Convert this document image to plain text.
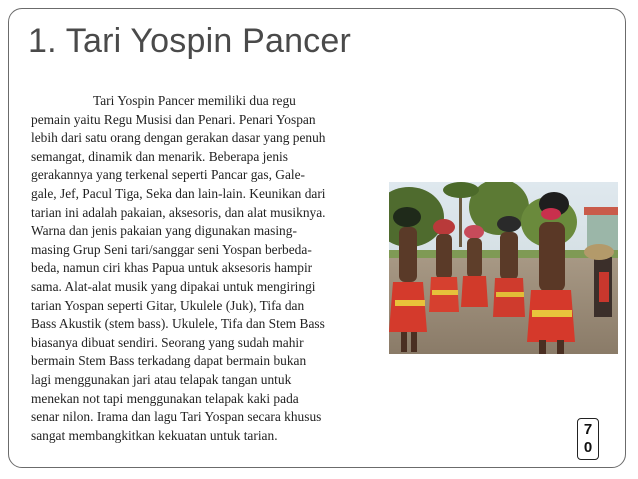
1. Tari Yospin Pancer
Tari Yospin Pancer memiliki dua regu
pemain yaitu Regu Musisi dan Penari. Penari Yospan
lebih dari satu orang dengan gerakan dasar yang penuh
semangat, dinamik dan menarik. Beberapa jenis
gerakannya yang terkenal seperti Pancar gas, Gale-
gale, Jef, Pacul Tiga, Seka dan lain-lain. Keunikan dari
tarian ini adalah pakaian, aksesoris, dan alat musiknya.
Warna dan jenis pakaian yang digunakan masing-
masing Grup Seni tari/sanggar seni Yospan berbeda-
beda, namun ciri khas Papua untuk aksesoris hampir
sama. Alat-alat musik yang dipakai untuk mengiringi
tarian Yospan seperti Gitar, Ukulele (Juk), Tifa dan
Bass Akustik (stem bass). Ukulele, Tifa dan Stem Bass
biasanya dibuat sendiri. Seorang yang sudah mahir
bermain Stem Bass terkadang dapat bermain bukan
lagi menggunakan jari atau telapak tangan untuk
menekan not tapi menggunakan telapak kaki pada
senar nilon. Irama dan lagu Tari Yospan secara khusus
sangat membangkitkan kekuatan untuk tarian.	7
0
